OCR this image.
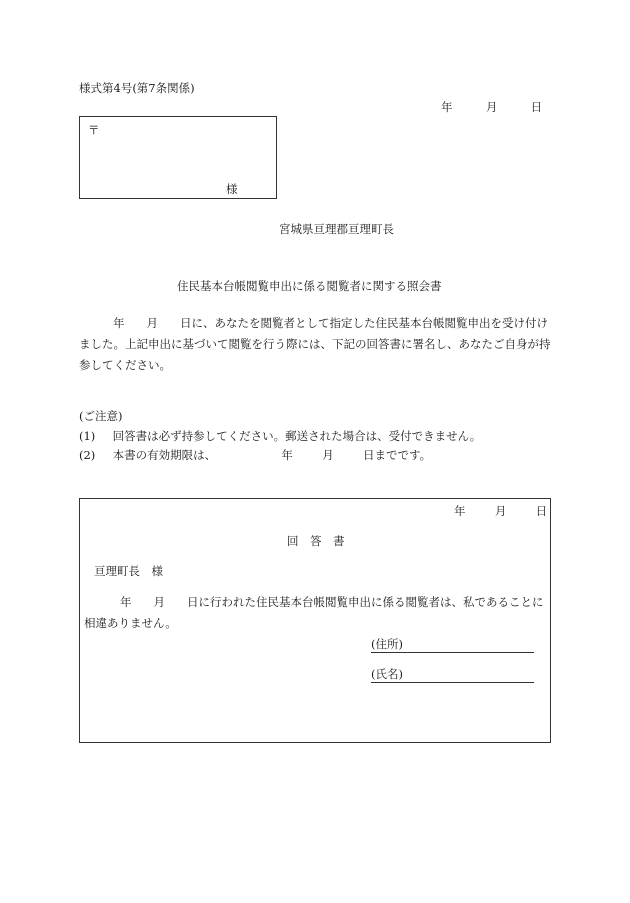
様式第4号(第7条関係)
年	月	日
〒
様
宮城県亘理郡亘理町長
住民基本台帳閲覧申出に係る閲覧者に関する照会書
年 月 日に、あなたを閲覧者として指定した住民基本台帳閲覧申出を受け付けました。上記申出に基づいて閲覧を行う際には、下記の回答書に署名し、あなたご自身が持参してください。
(ご注意)
(1) 回答書は必ず持参してください。郵送された場合は、受付できません。
(2) 本書の有効期限は、	年	月	日までです。
年	月	日
回　答　書
亘理町長　様
年 月 日に行われた住民基本台帳閲覧申出に係る閲覧者は、私であることに相違ありません。
(住所)
(氏名)
